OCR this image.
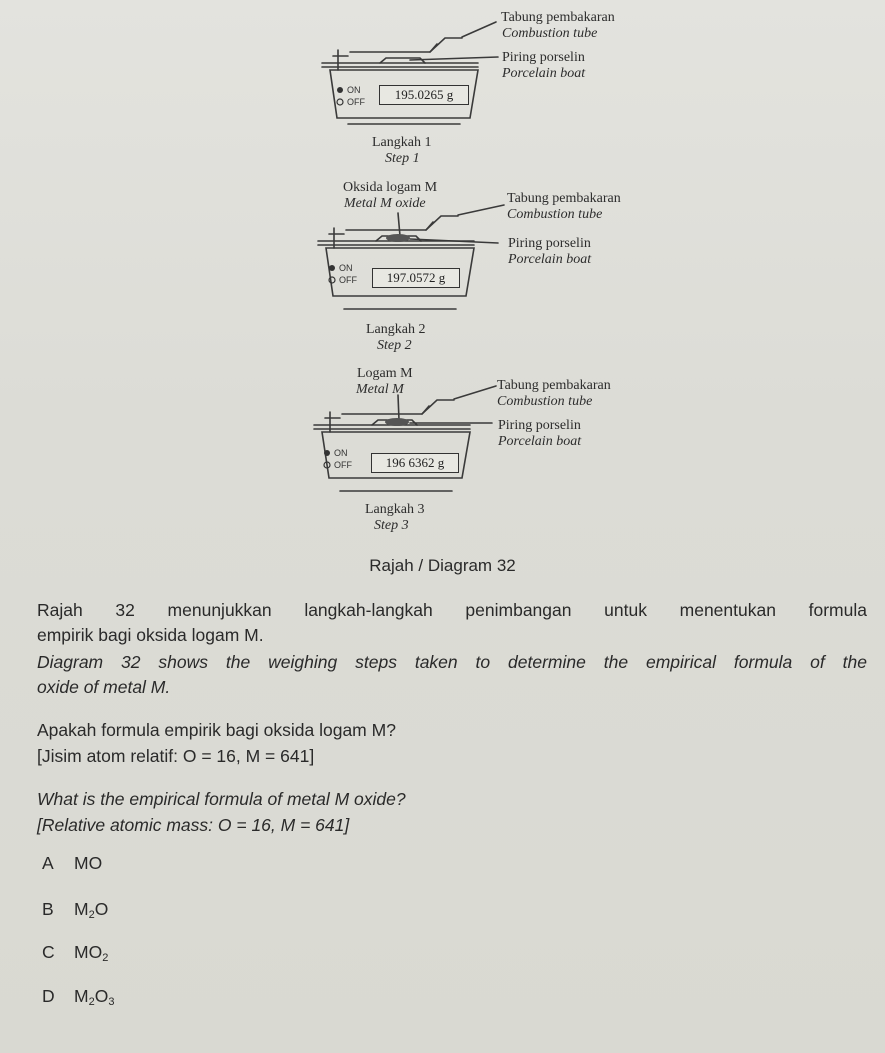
Tabung pembakaran
Combustion tube
Piring porselin
Porcelain boat
ON
OFF	195.0265 g
Langkah 1
Step 1
Oksida logam M
Metal M oxide	Tabung pembakaran
Combustion tube
Piring porselin
Porcelain boat
ON
OFF	197.0572 g
Langkah 2
Step 2
Logam M
Metal M	Tabung pembakaran
Combustion tube
Piring porselin
Porcelain boat
ON
OFF	196 6362 g
Langkah 3
Step 3
Rajah / Diagram 32
Rajah 32 menunjukkan langkah-langkah penimbangan untuk menentukan formula
empirik bagi oksida logam M.
Diagram 32 shows the weighing steps taken to determine the empirical formula of the
oxide of metal M.
Apakah formula empirik bagi oksida logam M?
[Jisim atom relatif: O = 16, M = 641]
What is the empirical formula of metal M oxide?
[Relative atomic mass: O = 16, M = 641]
A MO
B $M_2O$
C $MO_2$
D $M_2O_3$
